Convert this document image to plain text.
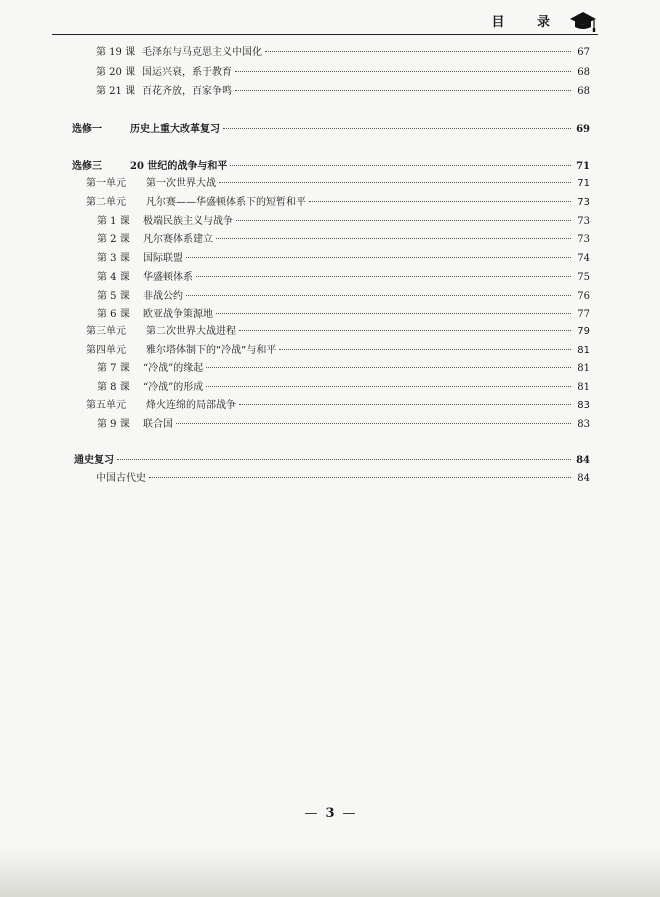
目 录
第 19 课 毛泽东与马克思主义中国化	67
第 20 课 国运兴衰，系于教育	68
第 21 课 百花齐放，百家争鸣	68
选修一	历史上重大改革复习	69
选修三	20 世纪的战争与和平	71
第一单元	第一次世界大战	71
第二单元	凡尔赛——华盛顿体系下的短暂和平	73
第 1 课	极端民族主义与战争	73
第 2 课	凡尔赛体系建立	73
第 3 课	国际联盟	74
第 4 课	华盛顿体系	75
第 5 课	非战公约	76
第 6 课	欧亚战争策源地	77
第三单元	第二次世界大战进程	79
第四单元	雅尔塔体制下的“冷战”与和平	81
第 7 课	“冷战”的缘起	81
第 8 课	“冷战”的形成	81
第五单元	烽火连绵的局部战争	83
第 9 课	联合国	83
通史复习	84
中国古代史	84
— 3 —
